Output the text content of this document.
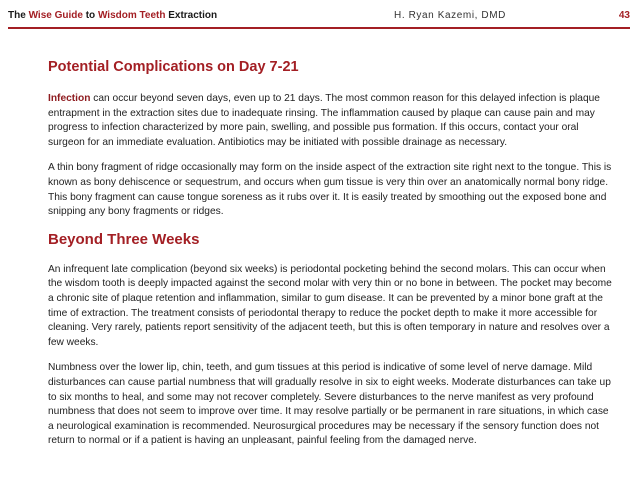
The Wise Guide to Wisdom Teeth Extraction	H. Ryan Kazemi, DMD	43
Potential Complications on Day 7-21

Infection can occur beyond seven days, even up to 21 days. The most common reason for this delayed infection is plaque entrapment in the extraction sites due to inadequate rinsing. The inflammation caused by plaque can cause pain and may progress to infection characterized by more pain, swelling, and possible pus formation. If this occurs, contact your oral surgeon for an immediate evaluation. Antibiotics may be initiated with possible drainage as necessary.

A thin bony fragment of ridge occasionally may form on the inside aspect of the extraction site right next to the tongue. This is known as bony dehiscence or sequestrum, and occurs when gum tissue is very thin over an anatomically normal bony ridge. This bony fragment can cause tongue soreness as it rubs over it. It is easily treated by smoothing out the exposed bone and snipping any bony fragments or ridges.

Beyond Three Weeks

An infrequent late complication (beyond six weeks) is periodontal pocketing behind the second molars. This can occur when the wisdom tooth is deeply impacted against the second molar with very thin or no bone in between. The pocket may become a chronic site of plaque retention and inflammation, similar to gum disease. It can be prevented by a minor bone graft at the time of extraction. The treatment consists of periodontal therapy to reduce the pocket depth to make it more accessible for cleaning. Very rarely, patients report sensitivity of the adjacent teeth, but this is often temporary in nature and resolves over a few weeks.

Numbness over the lower lip, chin, teeth, and gum tissues at this period is indicative of some level of nerve damage. Mild disturbances can cause partial numbness that will gradually resolve in six to eight weeks. Moderate disturbances can take up to six months to heal, and some may not recover completely. Severe disturbances to the nerve manifest as very profound numbness that does not seem to improve over time. It may resolve partially or be permanent in rare situations, in which case a neurological examination is recommended. Neurosurgical procedures may be necessary if the sensory function does not return to normal or if a patient is having an unpleasant, painful feeling from the damaged nerve.
